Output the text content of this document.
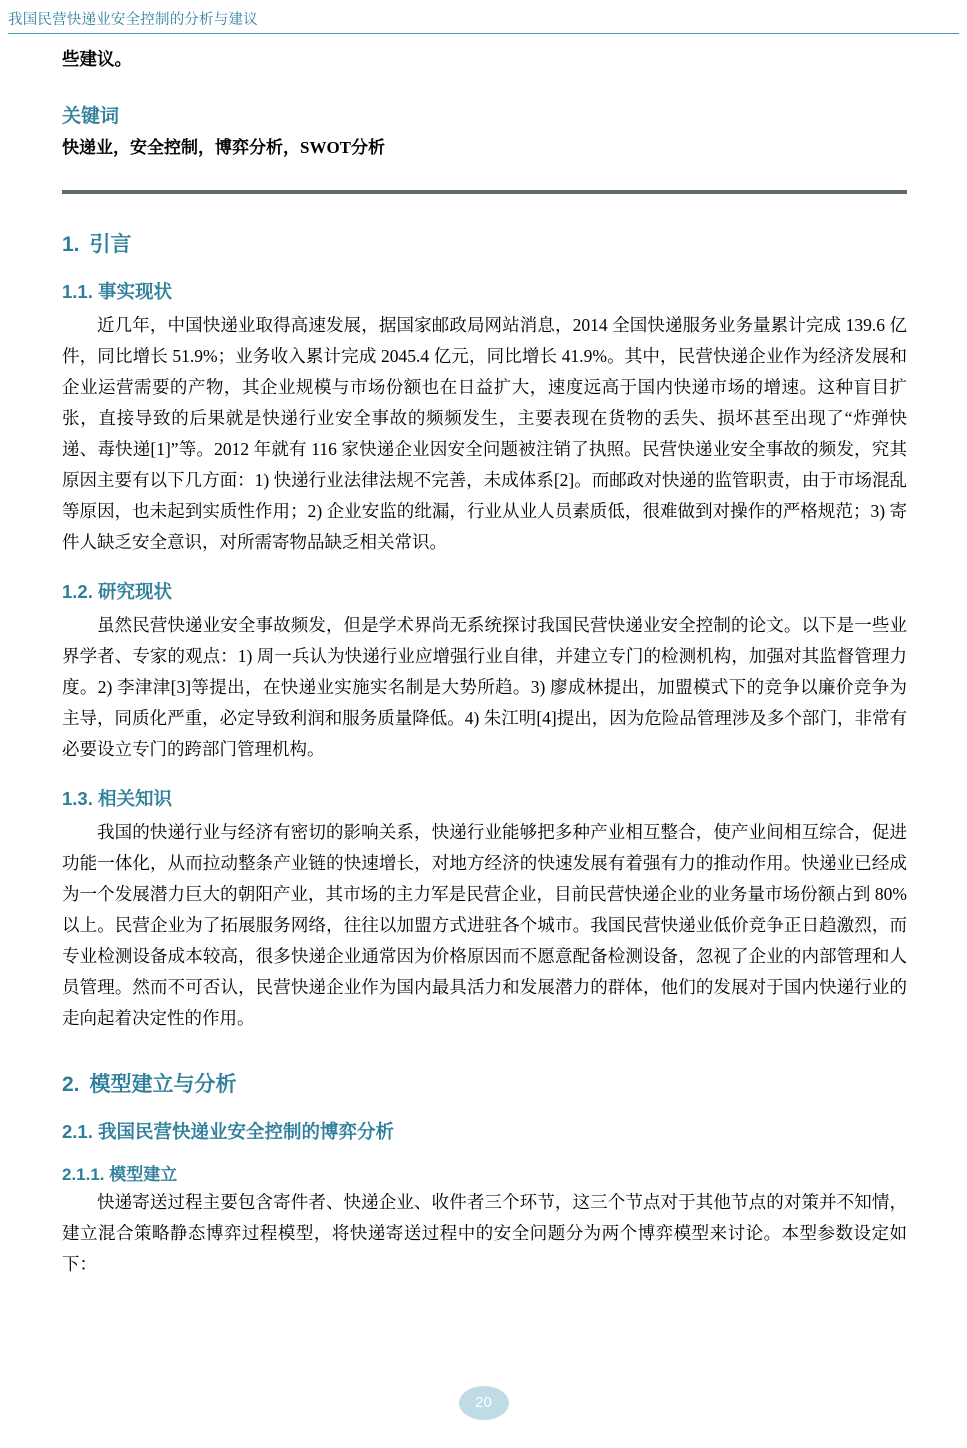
我国民营快递业安全控制的分析与建议
些建议。
关键词
快递业，安全控制，博弈分析，SWOT分析
1. 引言
1.1. 事实现状

近几年，中国快递业取得高速发展，据国家邮政局网站消息，2014 全国快递服务业务量累计完成 139.6 亿件，同比增长 51.9%；业务收入累计完成 2045.4 亿元，同比增长 41.9%。其中，民营快递企业作为经济发展和企业运营需要的产物，其企业规模与市场份额也在日益扩大，速度远高于国内快递市场的增速。这种盲目扩张，直接导致的后果就是快递行业安全事故的频频发生，主要表现在货物的丢失、损坏甚至出现了“炸弹快递、毒快递[1]”等。2012 年就有 116 家快递企业因安全问题被注销了执照。民营快递业安全事故的频发，究其原因主要有以下几方面：1) 快递行业法律法规不完善，未成体系[2]。而邮政对快递的监管职责，由于市场混乱等原因，也未起到实质性作用；2) 企业安监的纰漏，行业从业人员素质低，很难做到对操作的严格规范；3) 寄件人缺乏安全意识，对所需寄物品缺乏相关常识。

1.2. 研究现状

虽然民营快递业安全事故频发，但是学术界尚无系统探讨我国民营快递业安全控制的论文。以下是一些业界学者、专家的观点：1) 周一兵认为快递行业应增强行业自律，并建立专门的检测机构，加强对其监督管理力度。2) 李津津[3]等提出，在快递业实施实名制是大势所趋。3) 廖成林提出，加盟模式下的竞争以廉价竞争为主导，同质化严重，必定导致利润和服务质量降低。4) 朱江明[4]提出，因为危险品管理涉及多个部门，非常有必要设立专门的跨部门管理机构。

1.3. 相关知识

我国的快递行业与经济有密切的影响关系，快递行业能够把多种产业相互整合，使产业间相互综合，促进功能一体化，从而拉动整条产业链的快速增长，对地方经济的快速发展有着强有力的推动作用。快递业已经成为一个发展潜力巨大的朝阳产业，其市场的主力军是民营企业，目前民营快递企业的业务量市场份额占到 80%以上。民营企业为了拓展服务网络，往往以加盟方式进驻各个城市。我国民营快递业低价竞争正日趋激烈，而专业检测设备成本较高，很多快递企业通常因为价格原因而不愿意配备检测设备，忽视了企业的内部管理和人员管理。然而不可否认，民营快递企业作为国内最具活力和发展潜力的群体，他们的发展对于国内快递行业的走向起着决定性的作用。

2. 模型建立与分析
2.1. 我国民营快递业安全控制的博弈分析
2.1.1. 模型建立

快递寄送过程主要包含寄件者、快递企业、收件者三个环节，这三个节点对于其他节点的对策并不知情，建立混合策略静态博弈过程模型，将快递寄送过程中的安全问题分为两个博弈模型来讨论。本型参数设定如下：

20
